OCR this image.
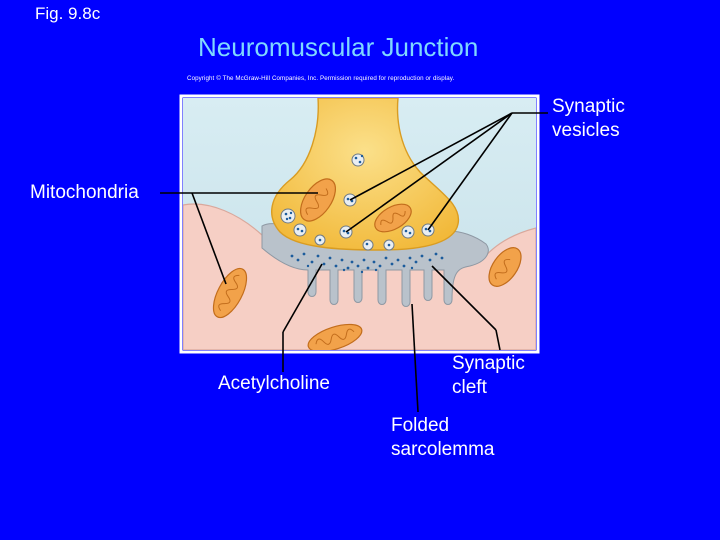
Fig. 9.8c

Neuromuscular Junction

Copyright © The McGraw-Hill Companies, Inc. Permission required for reproduction or display.

Synaptic
vesicles
Mitochondria
Acetylcholine
Synaptic
cleft
Folded
sarcolemma
